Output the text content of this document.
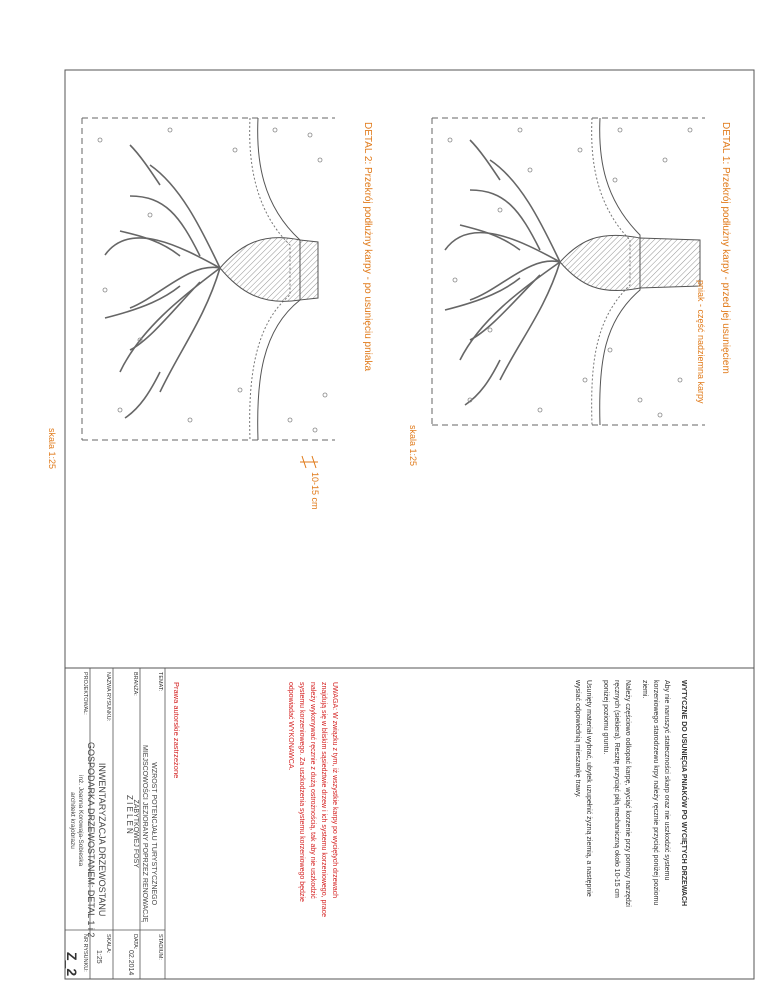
DETAL 1: Przekrój podłużny karpy - przed jej usunięciem
pniak - część nadziemna karpy
skala 1:25
DETAL 2: Przekrój podłużny karpy - po usunięciu pniaka
10-15 cm
skala 1:25
WYTYCZNE DO USUNIĘCIA PNIAKÓW PO WYCIĘTYCH DRZEWACH
Aby nie naruszyć stateczności skarp oraz nie uszkodzić systemu
korzeniowego starodrzewu krpy należy ręcznie przyciąć poniżej poziomu
ziemi.
Należy częściowo odkopać karpę, wyciąć korzenie przy pomocy narzędzi
ręcznych (siekiera). Resztę przyciąć piłą mechaniczną około 10-15 cm
poniżej poziomu gruntu.
Usunięty materiał wybrać, ubytek uzupełnić żyzną ziemią, a następnie
wysiać odpowiednią mieszankę trawy.
UWAGA: W związku z tym, iż wszystkie karpy po wyciętych drzewach
znajdują się w bliskim sąsiedztwie drzew i ich systemu korzeniowego, prace
należy wykonywać ręcznie z dużą ostrożnością, tak aby nie uszkodzić
systemu korzeniowego. Za uszkodzenia systemu korzeniowego będzie
odpowiadać WYKONAWCA.
Prawa autorskie zastrzeżone
TEMAT:
WZROST POTENCJAŁU TURYSTYCZNEGO
MIEJSCOWOŚCI JEZIORANY POPRZEZ RENOWACJĘ
ZABYTKOWEJ FOSY
STADIUM:
BRANŻA:
Z I E L E Ń
DATA:
02.2014
NAZWA RYSUNKU:
INWENTARYZACJA DRZEWOSTANU
GOSPODARKA DRZEWOSTANEM: DETAL 1 i 2
SKALA:
1:25
PROJEKTOWAŁ:
inż. Joanna Korowaja-Sobieska
architekt krajobrazu
NR RYSUNKU:
Z_2
